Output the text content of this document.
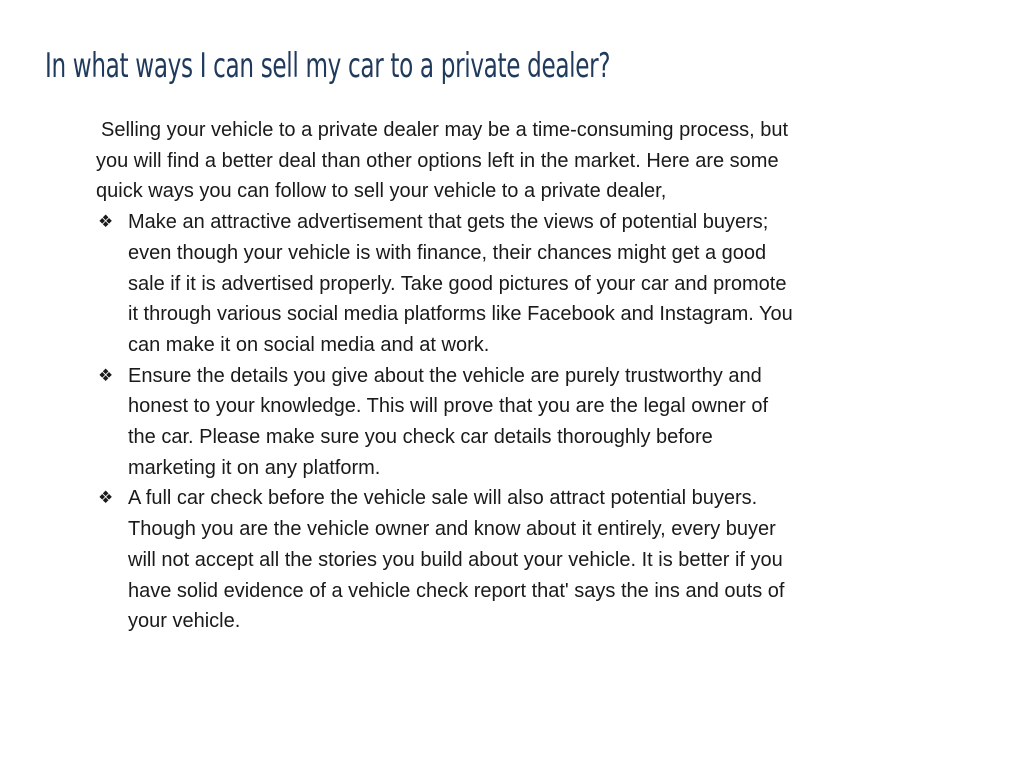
In what ways I can sell my car to a private dealer?

Selling your vehicle to a private dealer may be a time-consuming process, but you will find a better deal than other options left in the market. Here are some quick ways you can follow to sell your vehicle to a private dealer,

❖ Make an attractive advertisement that gets the views of potential buyers; even though your vehicle is with finance, their chances might get a good sale if it is advertised properly. Take good pictures of your car and promote it through various social media platforms like Facebook and Instagram. You can make it on social media and at work.
❖ Ensure the details you give about the vehicle are purely trustworthy and honest to your knowledge. This will prove that you are the legal owner of the car. Please make sure you check car details thoroughly before marketing it on any platform.
❖ A full car check before the vehicle sale will also attract potential buyers. Though you are the vehicle owner and know about it entirely, every buyer will not accept all the stories you build about your vehicle. It is better if you have solid evidence of a vehicle check report that' says the ins and outs of your vehicle.
